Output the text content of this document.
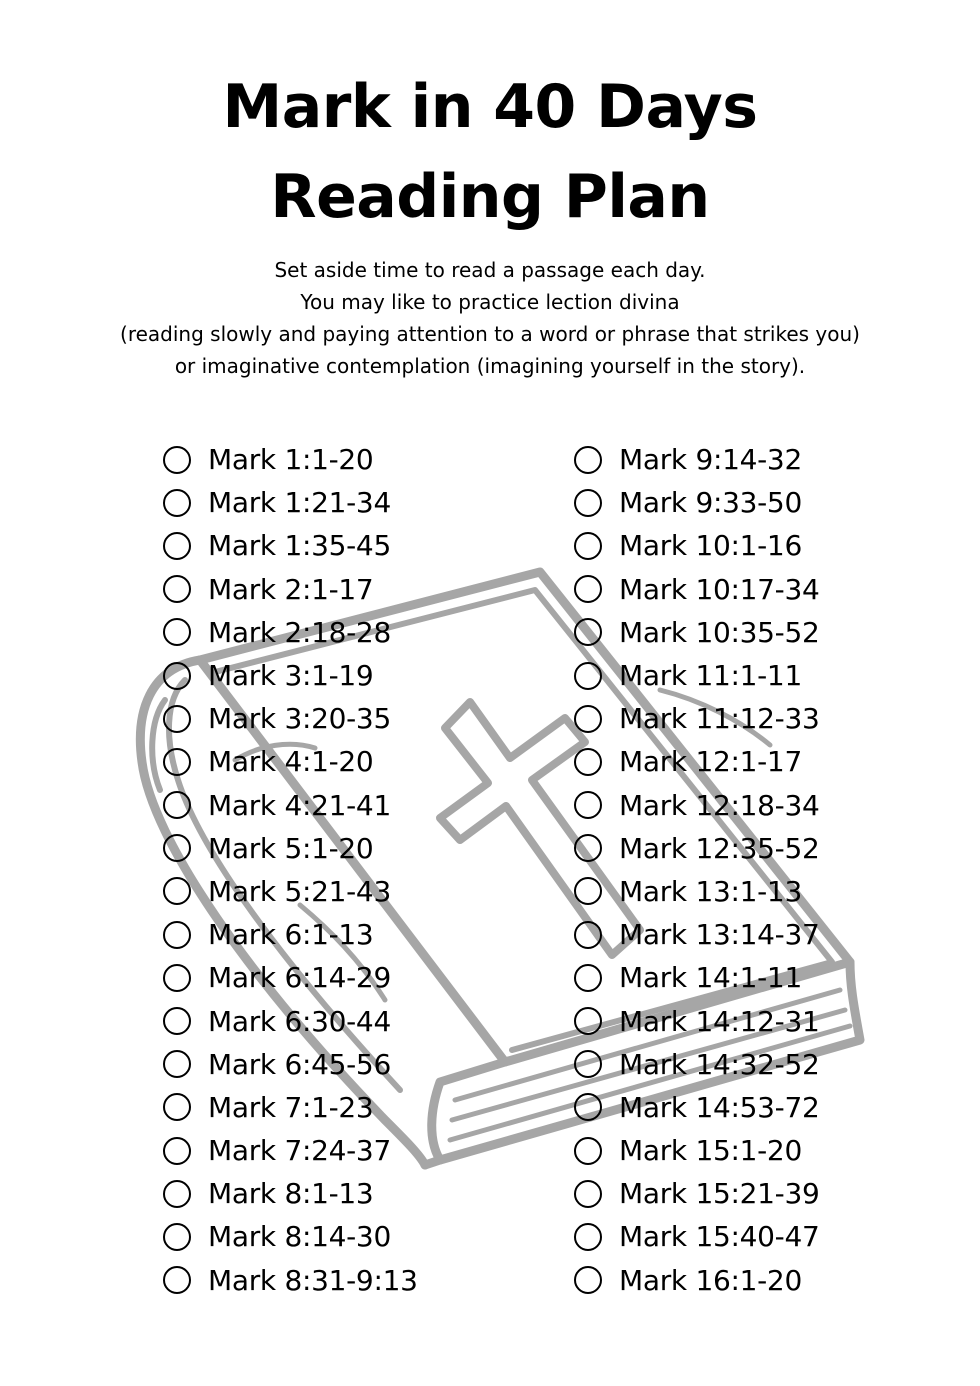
Mark in 40 Days
Reading Plan

Set aside time to read a passage each day.

You may like to practice lection divina

(reading slowly and paying attention to a word or phrase that strikes you)

or imaginative contemplation (imagining yourself in the story).

Mark 1:1-20
Mark 1:21-34
Mark 1:35-45
Mark 2:1-17
Mark 2:18-28
Mark 3:1-19
Mark 3:20-35
Mark 4:1-20
Mark 4:21-41
Mark 5:1-20
Mark 5:21-43
Mark 6:1-13
Mark 6:14-29
Mark 6:30-44
Mark 6:45-56
Mark 7:1-23
Mark 7:24-37
Mark 8:1-13
Mark 8:14-30
Mark 8:31-9:13
Mark 9:14-32
Mark 9:33-50
Mark 10:1-16
Mark 10:17-34
Mark 10:35-52
Mark 11:1-11
Mark 11:12-33
Mark 12:1-17
Mark 12:18-34
Mark 12:35-52
Mark 13:1-13
Mark 13:14-37
Mark 14:1-11
Mark 14:12-31
Mark 14:32-52
Mark 14:53-72
Mark 15:1-20
Mark 15:21-39
Mark 15:40-47
Mark 16:1-20
